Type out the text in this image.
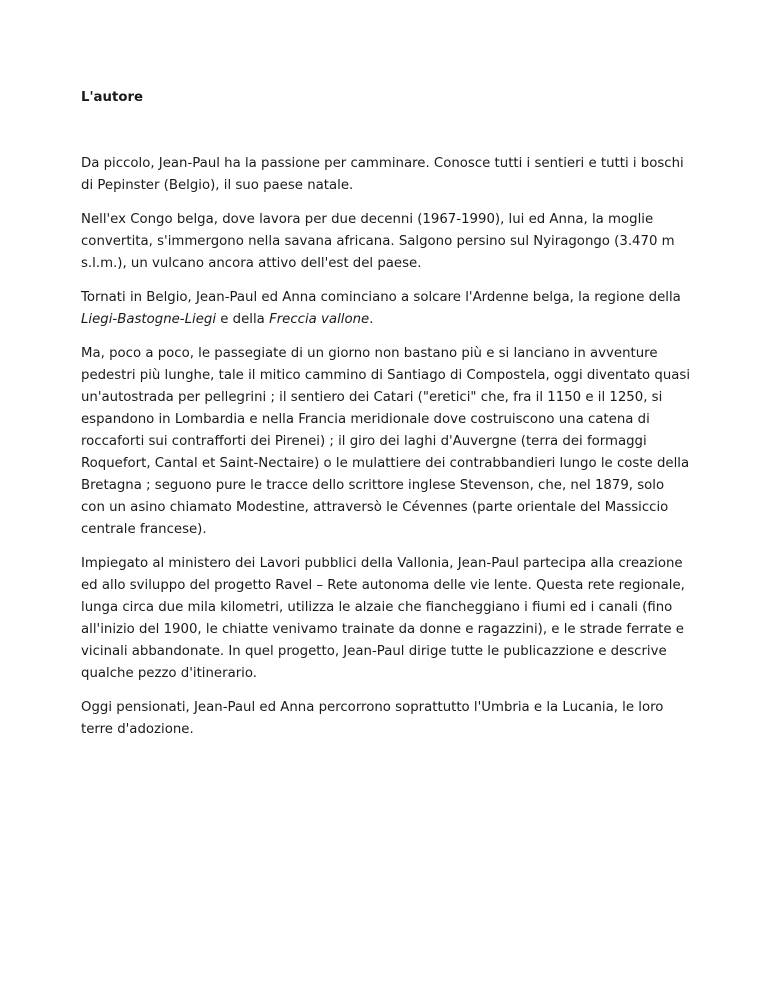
L'autore

Da piccolo, Jean-Paul ha la passione per camminare. Conosce tutti i sentieri e tutti i boschi di Pepinster (Belgio), il suo paese natale.

Nell'ex Congo belga, dove lavora per due decenni (1967-1990), lui ed Anna, la moglie convertita, s'immergono nella savana africana. Salgono persino sul Nyiragongo (3.470 m s.l.m.), un vulcano ancora attivo dell'est del paese.

Tornati in Belgio, Jean-Paul ed Anna cominciano a solcare l'Ardenne belga, la regione della Liegi-Bastogne-Liegi e della Freccia vallone.

Ma, poco a poco, le passegiate di un giorno non bastano più e si lanciano in avventure pedestri più lunghe, tale il mitico cammino di Santiago di Compostela, oggi diventato quasi un'autostrada per pellegrini ; il sentiero dei Catari ("eretici" che, fra il 1150 e il 1250, si espandono in Lombardia e nella Francia meridionale dove costruiscono una catena di roccaforti sui contrafforti dei Pirenei) ; il giro dei laghi d'Auvergne (terra dei formaggi Roquefort, Cantal et Saint-Nectaire) o le mulattiere dei contrabbandieri lungo le coste della Bretagna ; seguono pure le tracce dello scrittore inglese Stevenson, che, nel 1879, solo con un asino chiamato Modestine, attraversò le Cévennes (parte orientale del Massiccio centrale francese).

Impiegato al ministero dei Lavori pubblici della Vallonia, Jean-Paul partecipa alla creazione ed allo sviluppo del progetto Ravel – Rete autonoma delle vie lente. Questa rete regionale, lunga circa due mila kilometri, utilizza le alzaie che fiancheggiano i fiumi ed i canali (fino all'inizio del 1900, le chiatte venivamo trainate da donne e ragazzini), e le strade ferrate e vicinali abbandonate. In quel progetto, Jean-Paul dirige tutte le publicazzione e descrive qualche pezzo d'itinerario.

Oggi pensionati, Jean-Paul ed Anna percorrono soprattutto l'Umbria e la Lucania, le loro terre d'adozione.
